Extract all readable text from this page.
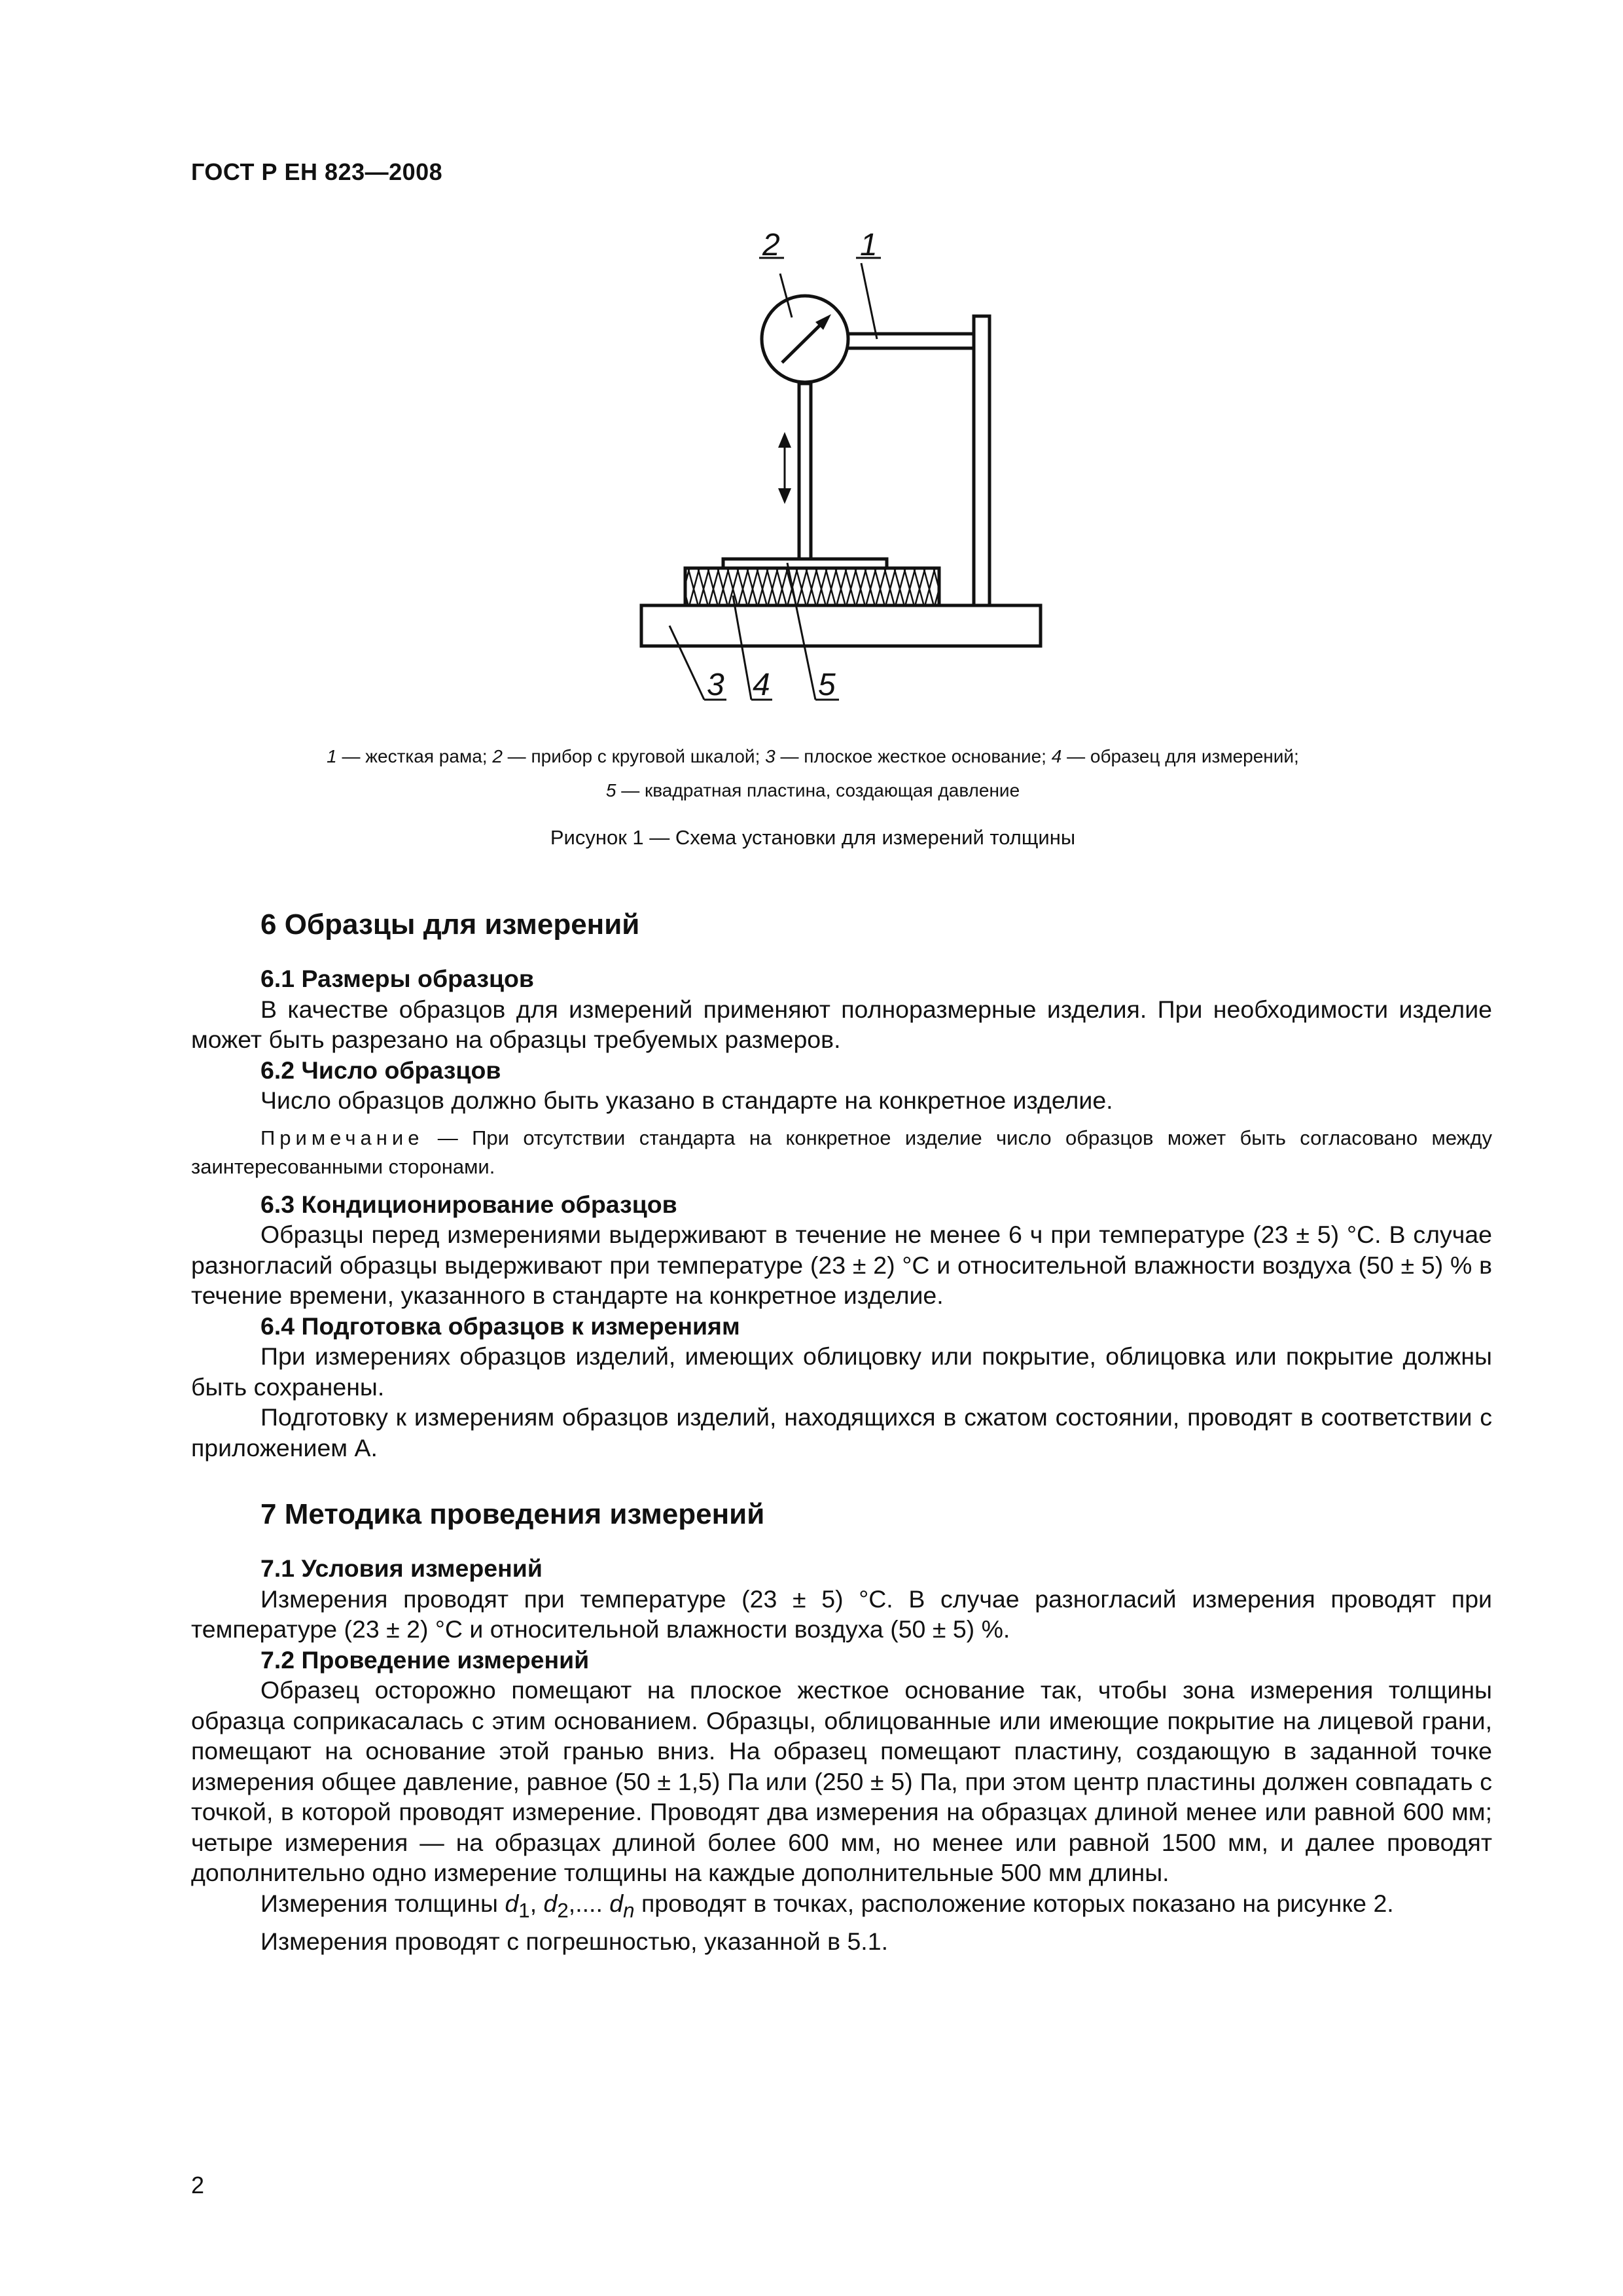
ГОСТ Р ЕН 823—2008
2	1
3 4 5
1 — жесткая рама; 2 — прибор с круговой шкалой; 3 — плоское жесткое основание; 4 — образец для измерений;
5 — квадратная пластина, создающая давление
Рисунок 1 — Схема установки для измерений толщины
6 Образцы для измерений
6.1 Размеры образцов

В качестве образцов для измерений применяют полноразмерные изделия. При необходимости изделие может быть разрезано на образцы требуемых размеров.

6.2 Число образцов

Число образцов должно быть указано в стандарте на конкретное изделие.

Примечание — При отсутствии стандарта на конкретное изделие число образцов может быть согласовано между заинтересованными сторонами.

6.3 Кондиционирование образцов

Образцы перед измерениями выдерживают в течение не менее 6 ч при температуре (23 ± 5) °С. В случае разногласий образцы выдерживают при температуре (23 ± 2) °С и относительной влажности воздуха (50 ± 5) % в течение времени, указанного в стандарте на конкретное изделие.

6.4 Подготовка образцов к измерениям

При измерениях образцов изделий, имеющих облицовку или покрытие, облицовка или покрытие должны быть сохранены.

Подготовку к измерениям образцов изделий, находящихся в сжатом состоянии, проводят в соответствии с приложением А.

7 Методика проведения измерений
7.1 Условия измерений

Измерения проводят при температуре (23 ± 5) °С. В случае разногласий измерения проводят при температуре (23 ± 2) °С и относительной влажности воздуха (50 ± 5) %.

7.2 Проведение измерений

Образец осторожно помещают на плоское жесткое основание так, чтобы зона измерения толщины образца соприкасалась с этим основанием. Образцы, облицованные или имеющие покрытие на лицевой грани, помещают на основание этой гранью вниз. На образец помещают пластину, создающую в заданной точке измерения общее давление, равное (50 ± 1,5) Па или (250 ± 5) Па, при этом центр пластины должен совпадать с точкой, в которой проводят измерение. Проводят два измерения на образцах длиной менее или равной 600 мм; четыре измерения — на образцах длиной более 600 мм, но менее или равной 1500 мм, и далее проводят дополнительно одно измерение толщины на каждые дополнительные 500 мм длины.

Измерения толщины $d_1$, $d_2$,.... $d_n$ проводят в точках, расположение которых показано на рисунке 2.

Измерения проводят с погрешностью, указанной в 5.1.

2
